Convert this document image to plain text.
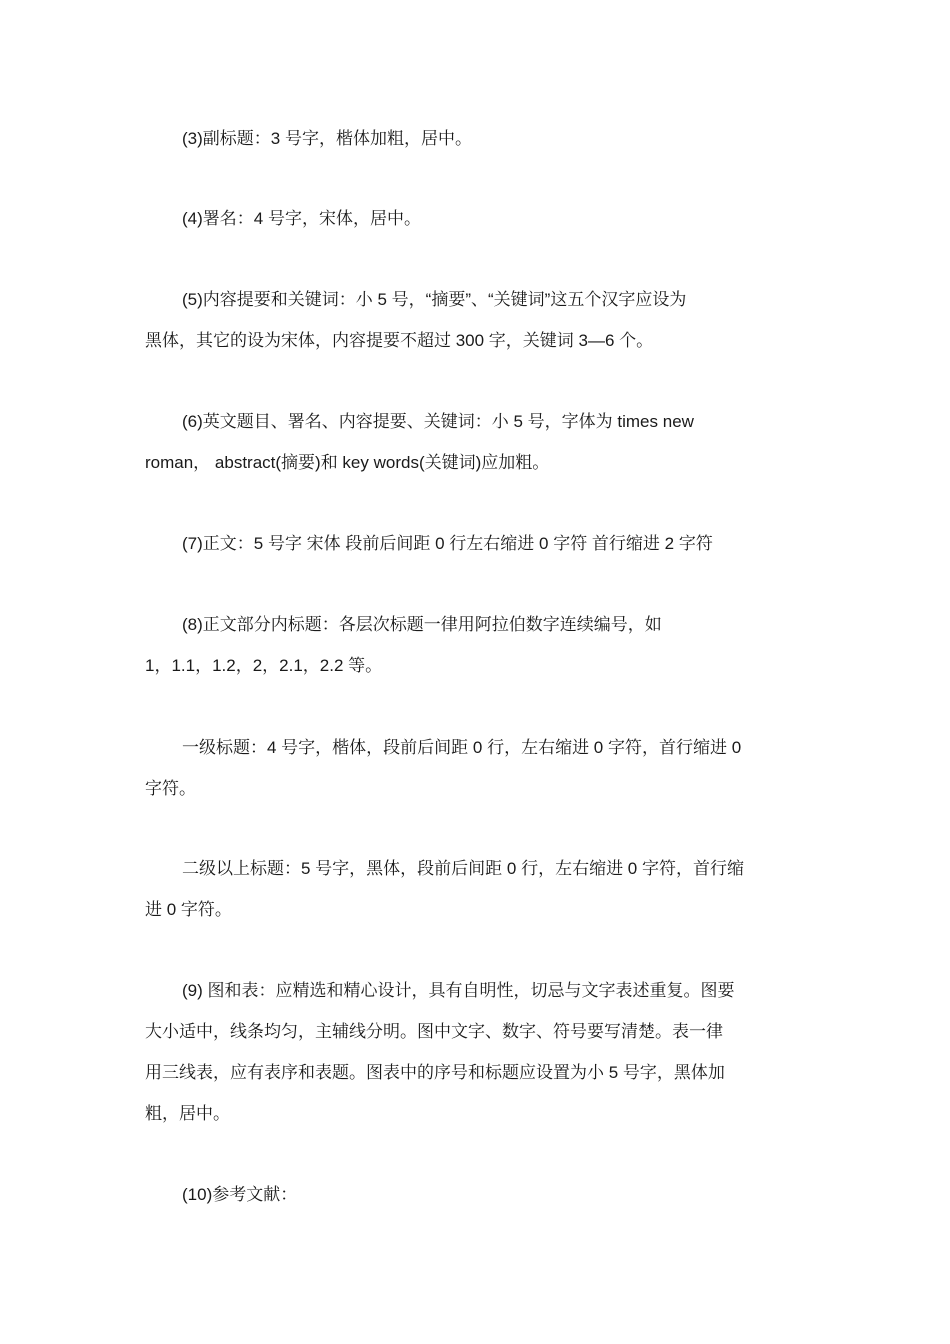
(3)副标题：3 号字，楷体加粗，居中。

(4)署名：4 号字，宋体，居中。

(5)内容提要和关键词：小 5 号，“摘要”、“关键词”这五个汉字应设为
黑体，其它的设为宋体，内容提要不超过 300 字，关键词 3—6 个。

(6)英文题目、署名、内容提要、关键词：小 5 号，字体为 times new
roman， abstract(摘要)和 key words(关键词)应加粗。

(7)正文：5 号字 宋体 段前后间距 0 行左右缩进 0 字符 首行缩进 2 字符

(8)正文部分内标题：各层次标题一律用阿拉伯数字连续编号，如
1，1.1，1.2，2，2.1，2.2 等。

一级标题：4 号字，楷体，段前后间距 0 行，左右缩进 0 字符，首行缩进 0
字符。

二级以上标题：5 号字，黑体，段前后间距 0 行，左右缩进 0 字符，首行缩
进 0 字符。

(9) 图和表：应精选和精心设计，具有自明性，切忌与文字表述重复。图要
大小适中，线条均匀，主辅线分明。图中文字、数字、符号要写清楚。表一律
用三线表，应有表序和表题。图表中的序号和标题应设置为小 5 号字，黑体加
粗，居中。

(10)参考文献：
